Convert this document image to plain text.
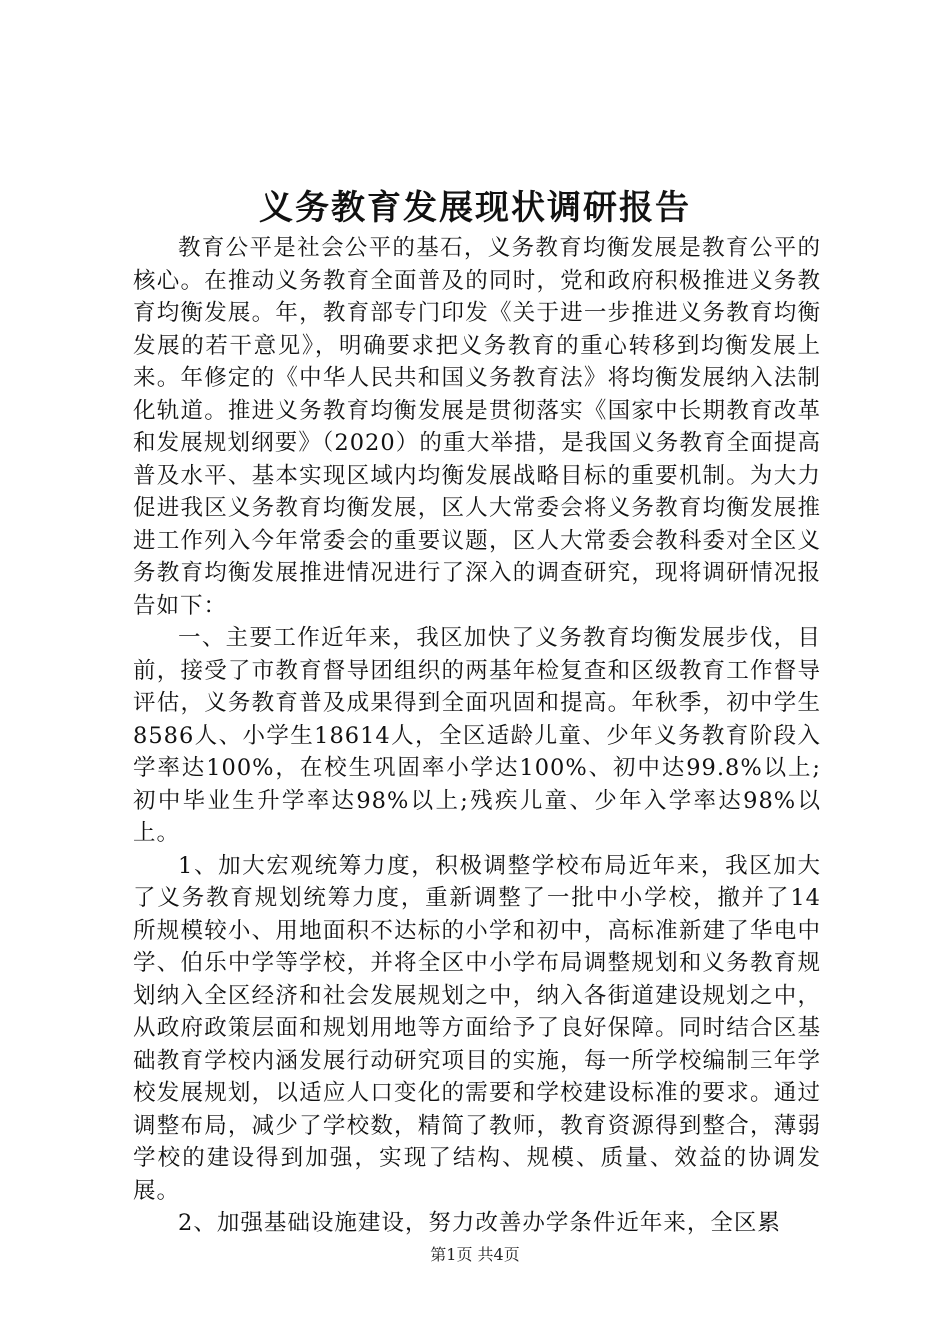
义务教育发展现状调研报告

教育公平是社会公平的基石，义务教育均衡发展是教育公平的核心。在推动义务教育全面普及的同时，党和政府积极推进义务教育均衡发展。年，教育部专门印发《关于进一步推进义务教育均衡发展的若干意见》，明确要求把义务教育的重心转移到均衡发展上来。年修定的《中华人民共和国义务教育法》将均衡发展纳入法制化轨道。推进义务教育均衡发展是贯彻落实《国家中长期教育改革和发展规划纲要》（2020）的重大举措，是我国义务教育全面提高普及水平、基本实现区域内均衡发展战略目标的重要机制。为大力促进我区义务教育均衡发展，区人大常委会将义务教育均衡发展推进工作列入今年常委会的重要议题，区人大常委会教科委对全区义务教育均衡发展推进情况进行了深入的调查研究，现将调研情况报告如下：

一、主要工作近年来，我区加快了义务教育均衡发展步伐，目前，接受了市教育督导团组织的两基年检复查和区级教育工作督导评估，义务教育普及成果得到全面巩固和提高。年秋季，初中学生8586人、小学生18614人，全区适龄儿童、少年义务教育阶段入学率达100%，在校生巩固率小学达100%、初中达99.8%以上;初中毕业生升学率达98%以上;残疾儿童、少年入学率达98%以上。

1、加大宏观统筹力度，积极调整学校布局近年来，我区加大了义务教育规划统筹力度，重新调整了一批中小学校，撤并了14所规模较小、用地面积不达标的小学和初中，高标准新建了华电中学、伯乐中学等学校，并将全区中小学布局调整规划和义务教育规划纳入全区经济和社会发展规划之中，纳入各街道建设规划之中，从政府政策层面和规划用地等方面给予了良好保障。同时结合区基础教育学校内涵发展行动研究项目的实施，每一所学校编制三年学校发展规划，以适应人口变化的需要和学校建设标准的要求。通过调整布局，减少了学校数，精简了教师，教育资源得到整合，薄弱学校的建设得到加强，实现了结构、规模、质量、效益的协调发展。

2、加强基础设施建设，努力改善办学条件近年来，全区累

第1页 共4页
